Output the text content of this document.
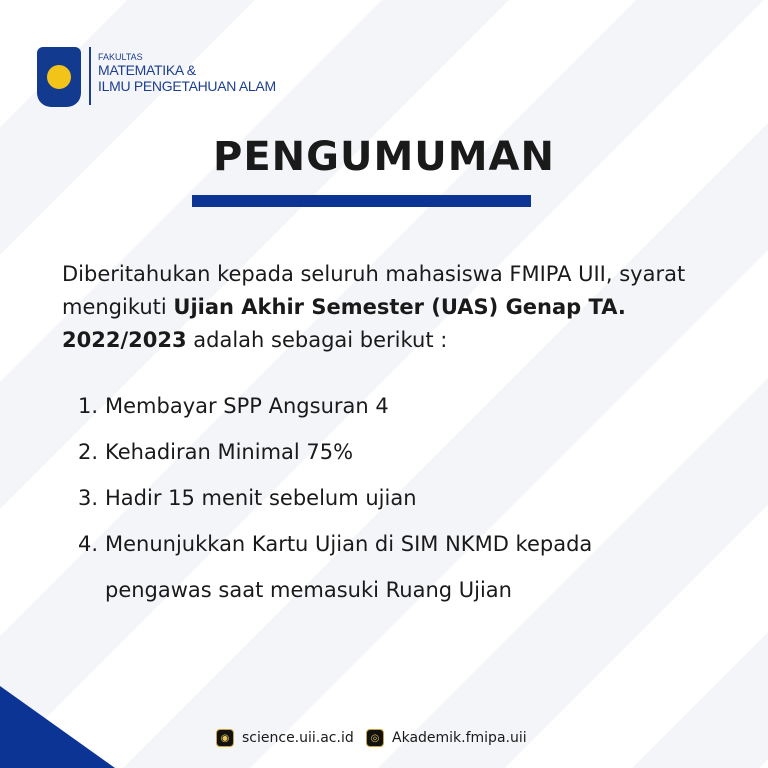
FAKULTAS
MATEMATIKA &
ILMU PENGETAHUAN ALAM
PENGUMUMAN

Diberitahukan kepada seluruh mahasiswa FMIPA UII, syarat mengikuti Ujian Akhir Semester (UAS) Genap TA. 2022/2023 adalah sebagai berikut :

1. Membayar SPP Angsuran 4
2. Kehadiran Minimal 75%
3. Hadir 15 menit sebelum ujian
4. Menunjukkan Kartu Ujian di SIM NKMD kepada pengawas saat memasuki Ruang Ujian
◉ science.uii.ac.id	◎ Akademik.fmipa.uii
